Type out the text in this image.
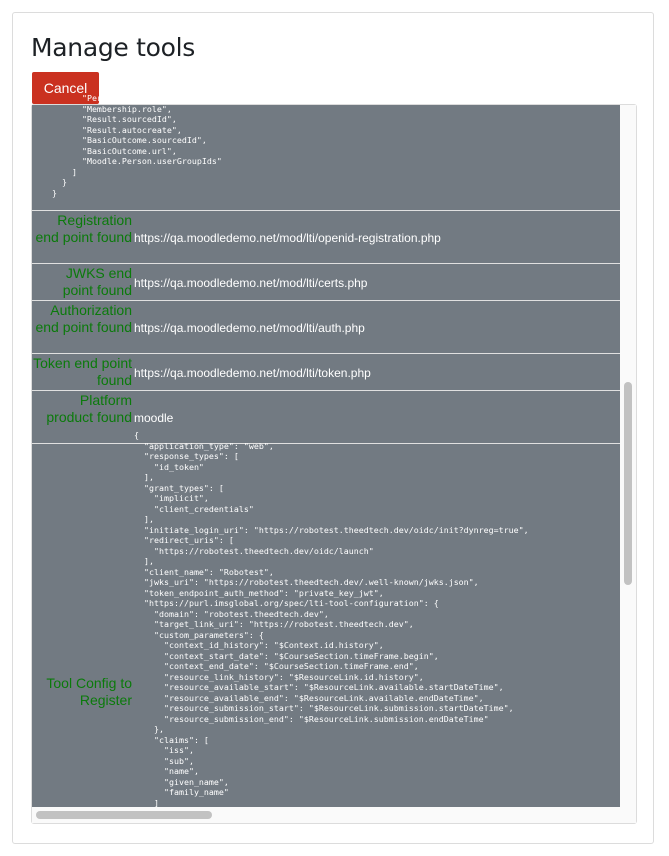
Manage tools
Cancel
"Person.webaddress",
"Membership.role",
"Result.sourcedId",
"Result.autocreate",
"BasicOutcome.sourcedId",
"BasicOutcome.url",
"Moodle.Person.userGroupIds"
]
}
}
Registration end point found https://qa.moodledemo.net/mod/lti/openid-registration.php
JWKS end point found https://qa.moodledemo.net/mod/lti/certs.php
Authorization end point found https://qa.moodledemo.net/mod/lti/auth.php
Token end point found https://qa.moodledemo.net/mod/lti/token.php
Platform product found moodle
Tool Config to Register
{
"application_type": "web",
"response_types": [
"id_token"
],
"grant_types": [
"implicit",
"client_credentials"
],
"initiate_login_uri": "https://robotest.theedtech.dev/oidc/init?dynreg=true",
"redirect_uris": [
"https://robotest.theedtech.dev/oidc/launch"
],
"client_name": "Robotest",
"jwks_uri": "https://robotest.theedtech.dev/.well-known/jwks.json",
"token_endpoint_auth_method": "private_key_jwt",
"https://purl.imsglobal.org/spec/lti-tool-configuration": {
"domain": "robotest.theedtech.dev",
"target_link_uri": "https://robotest.theedtech.dev",
"custom_parameters": {
"context_id_history": "$Context.id.history",
"context_start_date": "$CourseSection.timeFrame.begin",
"context_end_date": "$CourseSection.timeFrame.end",
"resource_link_history": "$ResourceLink.id.history",
"resource_available_start": "$ResourceLink.available.startDateTime",
"resource_available_end": "$ResourceLink.available.endDateTime",
"resource_submission_start": "$ResourceLink.submission.startDateTime",
"resource_submission_end": "$ResourceLink.submission.endDateTime"
},
"claims": [
"iss",
"sub",
"name",
"given_name",
"family_name"
]
